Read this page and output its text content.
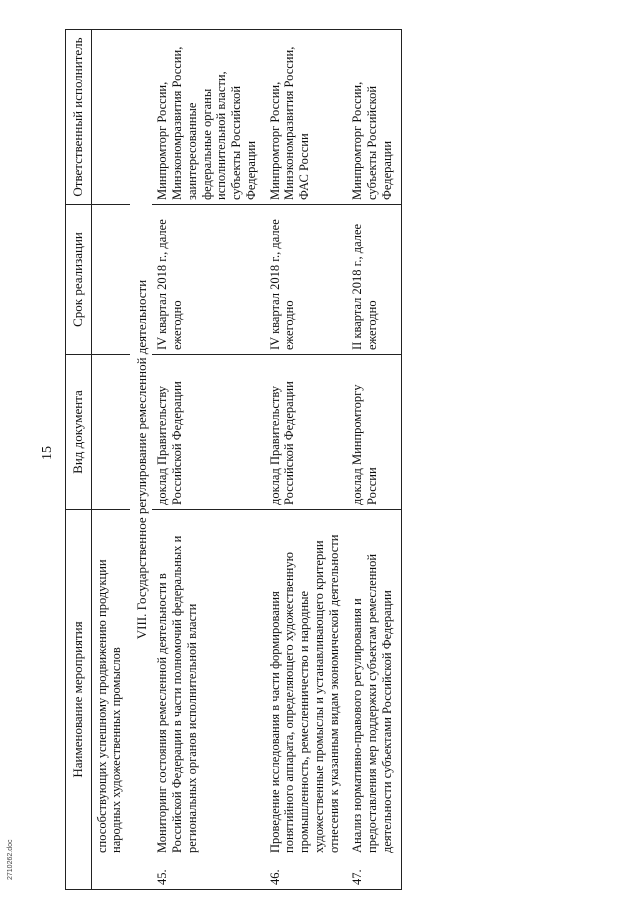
15
2710262.doc
Наименование мероприятия	Вид документа	Срок реализации	Ответственный исполнитель
способствующих успешному продвижению продукции народных художественных промыслов			
VIII. Государственное регулирование ремесленной деятельности			
45.Мониторинг состояния ремесленной деятельности в Российской Федерации в части полномочий федеральных и региональных органов исполнительной власти	доклад Правительству Российской Федерации	IV квартал 2018 г., далее ежегодно	Минпромторг России, Минэкономразвития России, заинтересованные федеральные органы исполнительной власти, субъекты Российской Федерации
46.Проведение исследования в части формирования понятийного аппарата, определяющего художественную промышленность, ремесленничество и народные художественные промыслы и устанавливающего критерии отнесения к указанным видам экономической деятельности	доклад Правительству Российской Федерации	IV квартал 2018 г., далее ежегодно	Минпромторг России, Минэкономразвития России, ФАС России
47.Анализ нормативно-правового регулирования и предоставления мер поддержки субъектам ремесленной деятельности субъектами Российской Федерации	доклад Минпромторгу России	II квартал 2018 г., далее ежегодно	Минпромторг России, субъекты Российской Федерации
